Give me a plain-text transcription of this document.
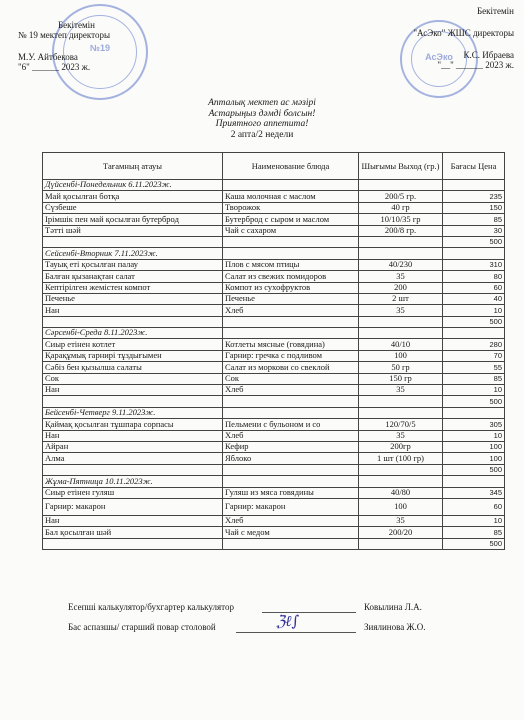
№19
АсЭко
Бекітемін
№ 19 мектеп директоры
М.У. Айтбекова
"6" ______ 2023 ж.
Бекітемін
"АсЭко" ЖШС директоры
К.С. Ибраева
"__" ______ 2023 ж.
Апталық мектеп ас мәзірі
Астарыңыз дәмді болсын!
Приятного аппетита!
2 апта/2 недели
Тағамның атауы	Наименование блюда	Шығымы Выход (гр.)	Бағасы Цена
Дүйсенбі-Понедельник 6.11.2023ж.			
Май қосылған ботқа	Каша молочная с маслом	200/5 гр.	235
Сүзбеше	Творожок	40 гр	150
Ірімшік пен май қосылған бутерброд	Бутерброд с сыром и маслом	10/10/35 гр	85
Тәтті шәй	Чай с сахаром	200/8 гр.	30
			500
Сейсенбі-Вторник 7.11.2023ж.			
Тауық еті қосылған палау	Плов с мясом птицы	40/230	310
Балған қызанақтан салат	Салат из свежих помидоров	35	80
Кептірілген жемістен компот	Компот из сухофруктов	200	60
Печенье	Печенье	2 шт	40
Нан	Хлеб	35	10
			500
Сәрсенбі-Среда 8.11.2023ж.			
Сиыр етінен котлет	Котлеты мясные (говядина)	40/10	280
Қарақұмық гарнирі тұздығымен	Гарнир: гречка с подливом	100	70
Сәбіз бен қызылша салаты	Салат из моркови со свеклой	50 гр	55
Сок	Сок	150 гр	85
Нан	Хлеб	35	10
			500
Бейсенбі-Четверг 9.11.2023ж.			
Қаймақ қосылған тұшпара сорпасы	Пельмени с бульоном и со	120/70/5	305
Нан	Хлеб	35	10
Айран	Кефир	200гр	100
Алма	Яблоко	1 шт (100 гр)	100
			500
Жұма-Пятница 10.11.2023ж.			
Сиыр етінен гуляш	Гуляш из мяса говядины	40/80	345
Гарнир: макарон	Гарнир: макарон	100	60
Нан	Хлеб	35	10
Бал қосылған шәй	Чай с медом	200/20	85
			500
Есепші калькулятор/бухгартер калькулятор	Ковылина Л.А.
Бас аспазшы/ старший повар столовой	ℨℓ∫	Зиялинова Ж.О.
